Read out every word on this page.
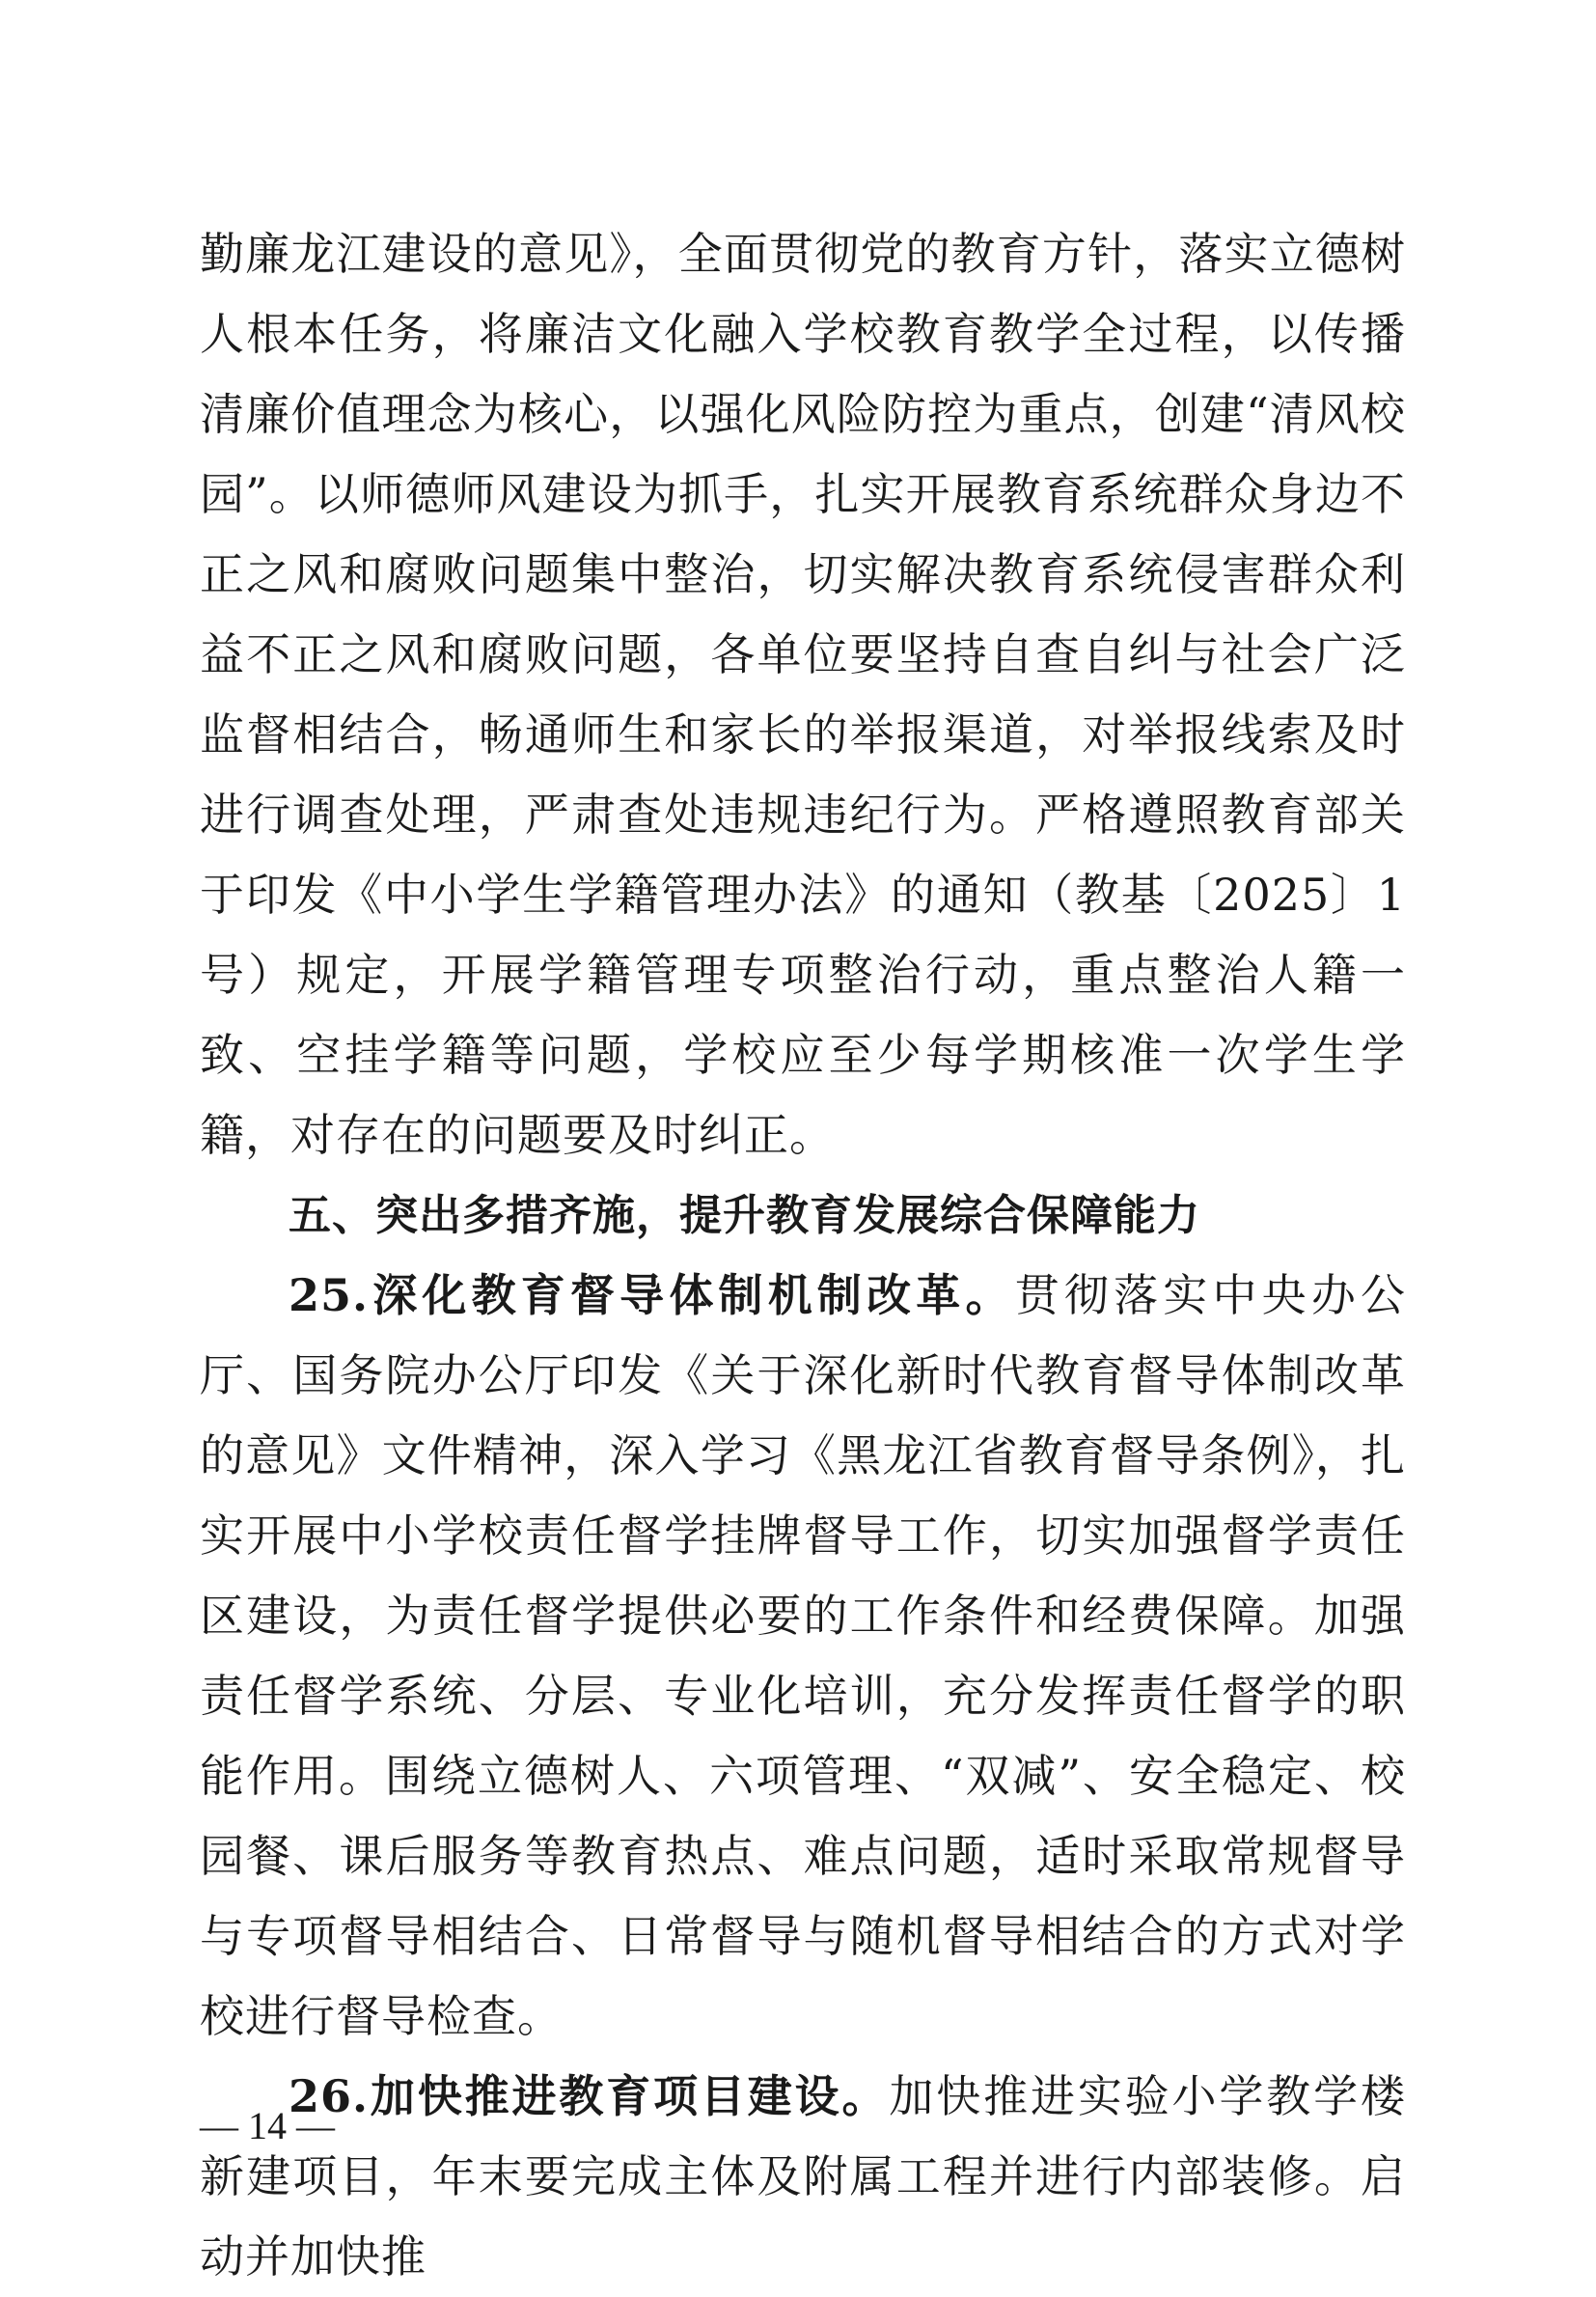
勤廉龙江建设的意见》，全面贯彻党的教育方针，落实立德树人根本任务，将廉洁文化融入学校教育教学全过程，以传播清廉价值理念为核心，以强化风险防控为重点，创建“清风校园”。以师德师风建设为抓手，扎实开展教育系统群众身边不正之风和腐败问题集中整治，切实解决教育系统侵害群众利益不正之风和腐败问题，各单位要坚持自查自纠与社会广泛监督相结合，畅通师生和家长的举报渠道，对举报线索及时进行调查处理，严肃查处违规违纪行为。严格遵照教育部关于印发《中小学生学籍管理办法》的通知（教基〔2025〕1号）规定，开展学籍管理专项整治行动，重点整治人籍一致、空挂学籍等问题，学校应至少每学期核准一次学生学籍，对存在的问题要及时纠正。

五、突出多措齐施，提升教育发展综合保障能力

25.深化教育督导体制机制改革。贯彻落实中央办公厅、国务院办公厅印发《关于深化新时代教育督导体制改革的意见》文件精神，深入学习《黑龙江省教育督导条例》，扎实开展中小学校责任督学挂牌督导工作，切实加强督学责任区建设，为责任督学提供必要的工作条件和经费保障。加强责任督学系统、分层、专业化培训，充分发挥责任督学的职能作用。围绕立德树人、六项管理、“双减”、安全稳定、校园餐、课后服务等教育热点、难点问题，适时采取常规督导与专项督导相结合、日常督导与随机督导相结合的方式对学校进行督导检查。

26.加快推进教育项目建设。加快推进实验小学教学楼新建项目，年末要完成主体及附属工程并进行内部装修。启动并加快推

— 14 —
